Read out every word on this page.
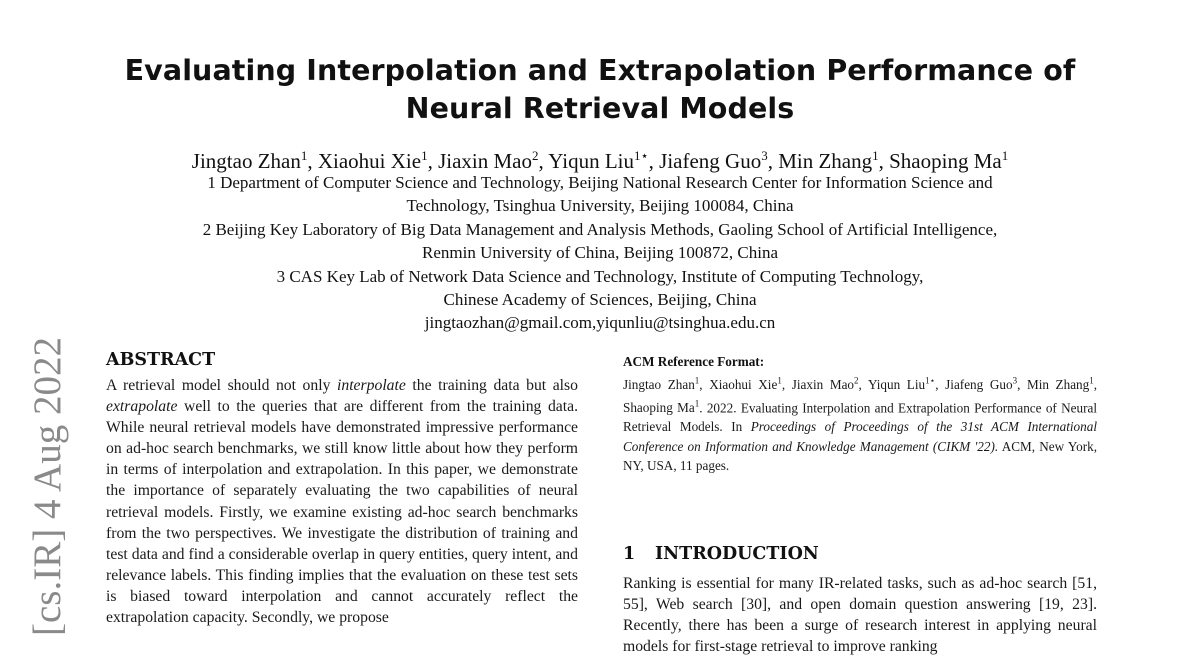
Evaluating Interpolation and Extrapolation Performance of
Neural Retrieval Models
Jingtao Zhan$^1$, Xiaohui Xie$^1$, Jiaxin Mao$^2$, Yiqun Liu$^{1⋆}$, Jiafeng Guo$^3$, Min Zhang$^1$, Shaoping Ma$^1$
1 Department of Computer Science and Technology, Beijing National Research Center for Information Science and
Technology, Tsinghua University, Beijing 100084, China
2 Beijing Key Laboratory of Big Data Management and Analysis Methods, Gaoling School of Artificial Intelligence,
Renmin University of China, Beijing 100872, China
3 CAS Key Lab of Network Data Science and Technology, Institute of Computing Technology,
Chinese Academy of Sciences, Beijing, China
jingtaozhan@gmail.com,yiqunliu@tsinghua.edu.cn
[cs.IR] 4 Aug 2022 ABSTRACT
A retrieval model should not only interpolate the training data but also extrapolate well to the queries that are different from the training data. While neural retrieval models have demonstrated impressive performance on ad-hoc search benchmarks, we still know little about how they perform in terms of interpolation and extrapolation. In this paper, we demonstrate the importance of separately evaluating the two capabilities of neural retrieval models. Firstly, we examine existing ad-hoc search benchmarks from the two perspectives. We investigate the distribution of training and test data and find a considerable overlap in query entities, query intent, and relevance labels. This finding implies that the evaluation on these test sets is biased toward interpolation and cannot accurately reflect the extrapolation capacity. Secondly, we propose
ACM Reference Format:
Jingtao Zhan$^1$, Xiaohui Xie$^1$, Jiaxin Mao$^2$, Yiqun Liu$^{1⋆}$, Jiafeng Guo$^3$, Min Zhang$^1$, Shaoping Ma$^1$. 2022. Evaluating Interpolation and Extrapolation Performance of Neural Retrieval Models. In Proceedings of Proceedings of the 31st ACM International Conference on Information and Knowledge Management (CIKM '22). ACM, New York, NY, USA, 11 pages.
1 INTRODUCTION
Ranking is essential for many IR-related tasks, such as ad-hoc search [51, 55], Web search [30], and open domain question answering [19, 23]. Recently, there has been a surge of research interest in applying neural models for first-stage retrieval to improve ranking
